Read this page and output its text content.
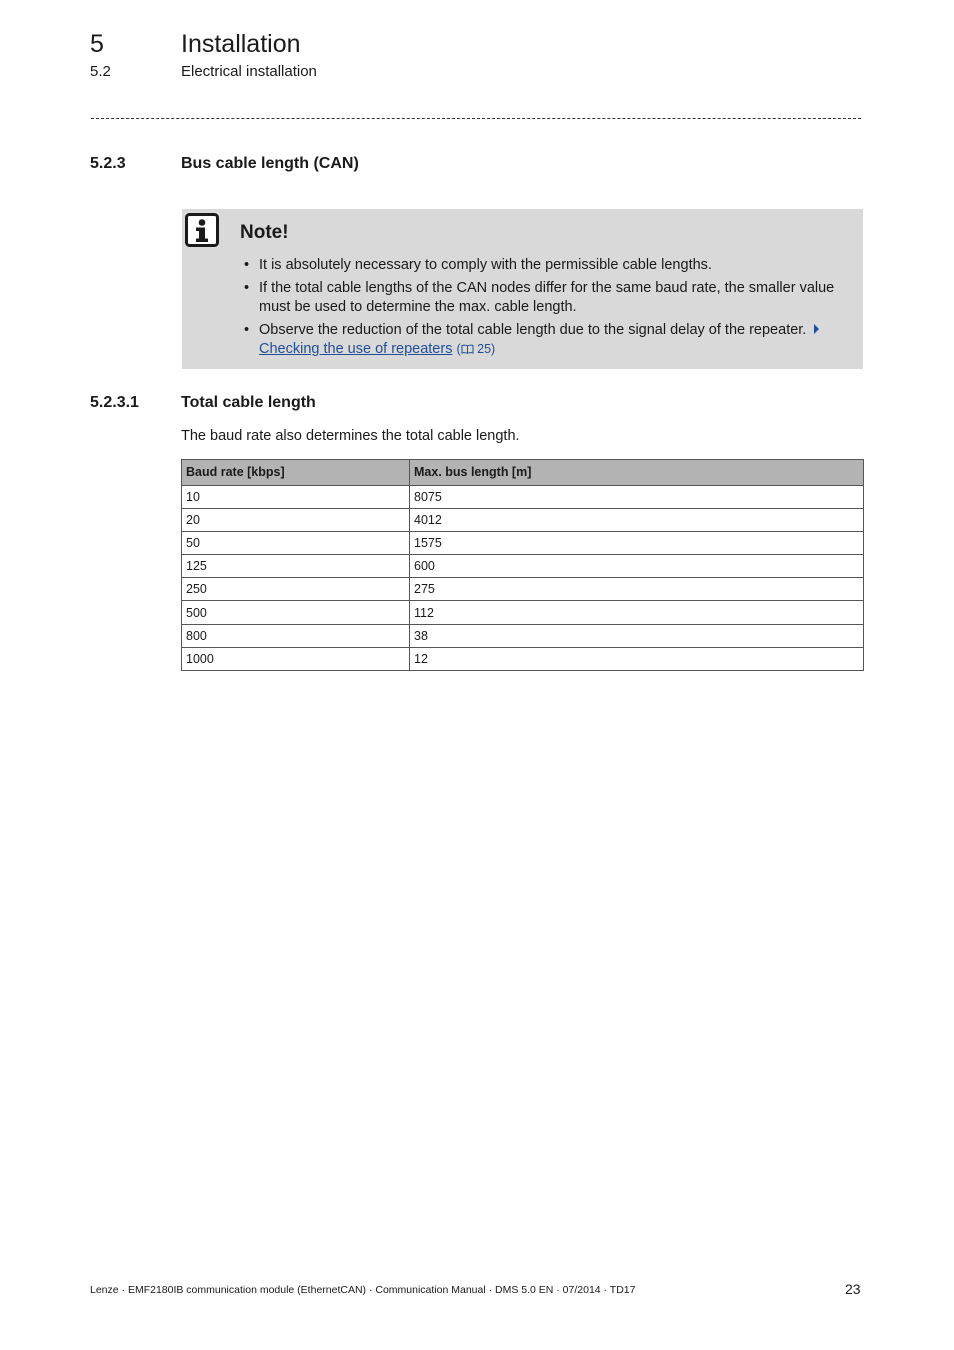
5	Installation
5.2	Electrical installation
5.2.3	Bus cable length (CAN)
Note!
• It is absolutely necessary to comply with the permissible cable lengths.
• If the total cable lengths of the CAN nodes differ for the same baud rate, the smaller value must be used to determine the max. cable length.
• Observe the reduction of the total cable length due to the signal delay of the repeater. Checking the use of repeaters ( 25)
5.2.3.1	Total cable length
The baud rate also determines the total cable length.
Baud rate [kbps]	Max. bus length [m]
10	8075
20	4012
50	1575
125	600
250	275
500	112
800	38
1000	12
Lenze · EMF2180IB communication module (EthernetCAN) · Communication Manual · DMS 5.0 EN · 07/2014 · TD17	23
